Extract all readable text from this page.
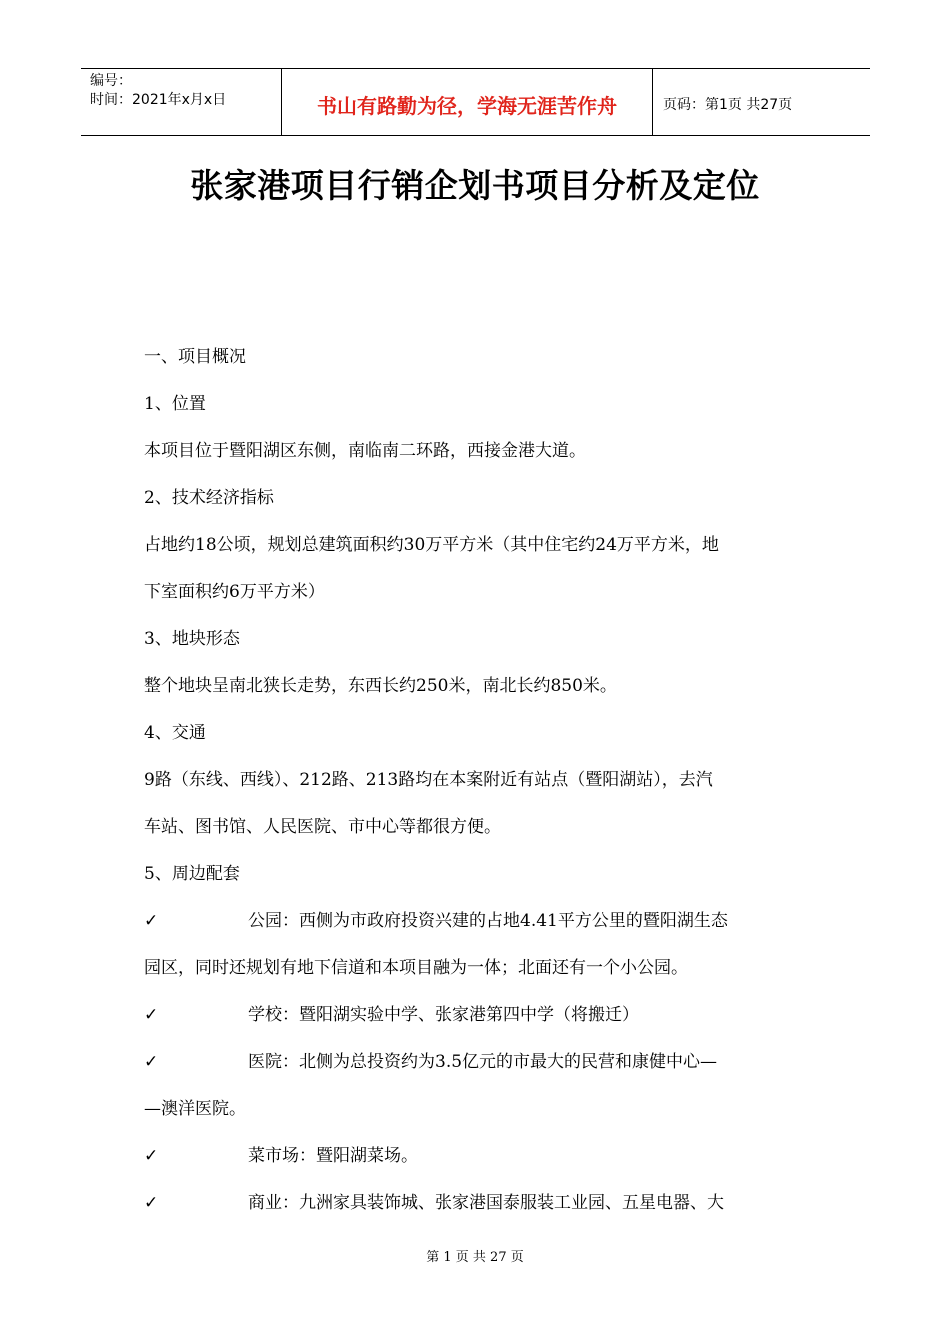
编号：
时间：2021年x月x日	书山有路勤为径，学海无涯苦作舟	页码：第1页 共27页
张家港项目行销企划书项目分析及定位

一、项目概况

1、位置

本项目位于暨阳湖区东侧，南临南二环路，西接金港大道。

2、技术经济指标

占地约18公顷，规划总建筑面积约30万平方米（其中住宅约24万平方米，地

下室面积约6万平方米）

3、地块形态

整个地块呈南北狭长走势，东西长约250米，南北长约850米。

4、交通

9路（东线、西线）、212路、213路均在本案附近有站点（暨阳湖站），去汽

车站、图书馆、人民医院、市中心等都很方便。

5、周边配套

✓	公园：西侧为市政府投资兴建的占地4.41平方公里的暨阳湖生态
园区，同时还规划有地下信道和本项目融为一体；北面还有一个小公园。
✓	学校：暨阳湖实验中学、张家港第四中学（将搬迁）
✓	医院：北侧为总投资约为3.5亿元的市最大的民营和康健中心—
—澳洋医院。
✓	菜市场：暨阳湖菜场。
✓	商业：九洲家具装饰城、张家港国泰服装工业园、五星电器、大
第 1 页 共 27 页
